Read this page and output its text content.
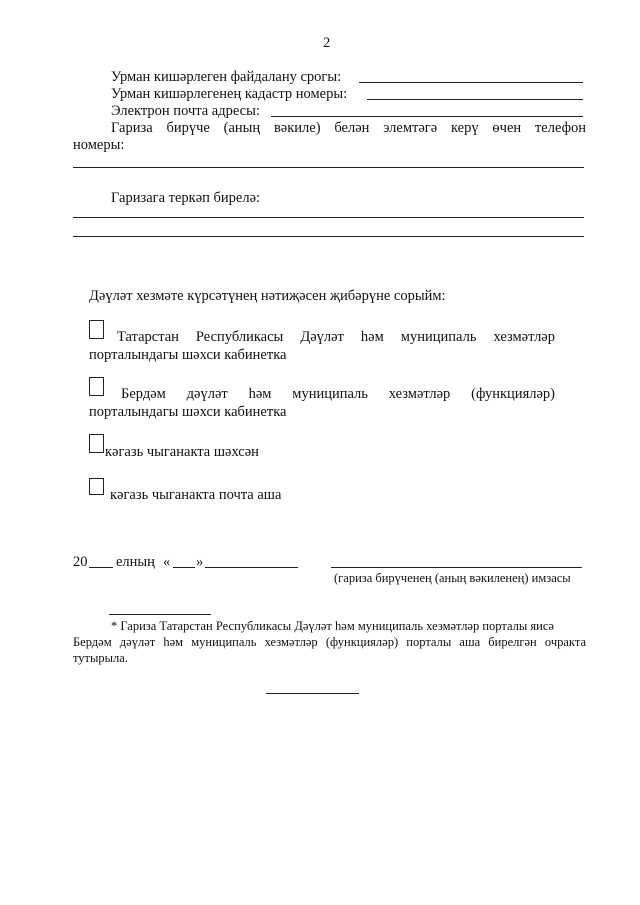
2
Урман кишәрлеген файдалану срогы:
Урман кишәрлегенең кадастр номеры:
Электрон почта адресы:
Гариза бирүче (аның вәкиле) белән элемтәгә керү өчен телефон
номеры:
Гаризага теркәп бирелә:
Дәүләт хезмәте күрсәтүнең нәтиҗәсен җибәрүне сорыйм:
Татарстан Республикасы Дәүләт һәм муниципаль хезмәтләр
порталындагы шәхси кабинетка
Бердәм дәүләт һәм муниципаль хезмәтләр (функцияләр)
порталындагы шәхси кабинетка
кәгазь чыганакта шәхсән
кәгазь чыганакта почта аша
20 елның « »
(гариза бирүченең (аның вәкиленең) имзасы
* Гариза Татарстан Республикасы Дәүләт һәм муниципаль хезмәтләр порталы яисә
Бердәм дәүләт һәм муниципаль хезмәтләр (функцияләр) порталы аша бирелгән очракта
тутырыла.
